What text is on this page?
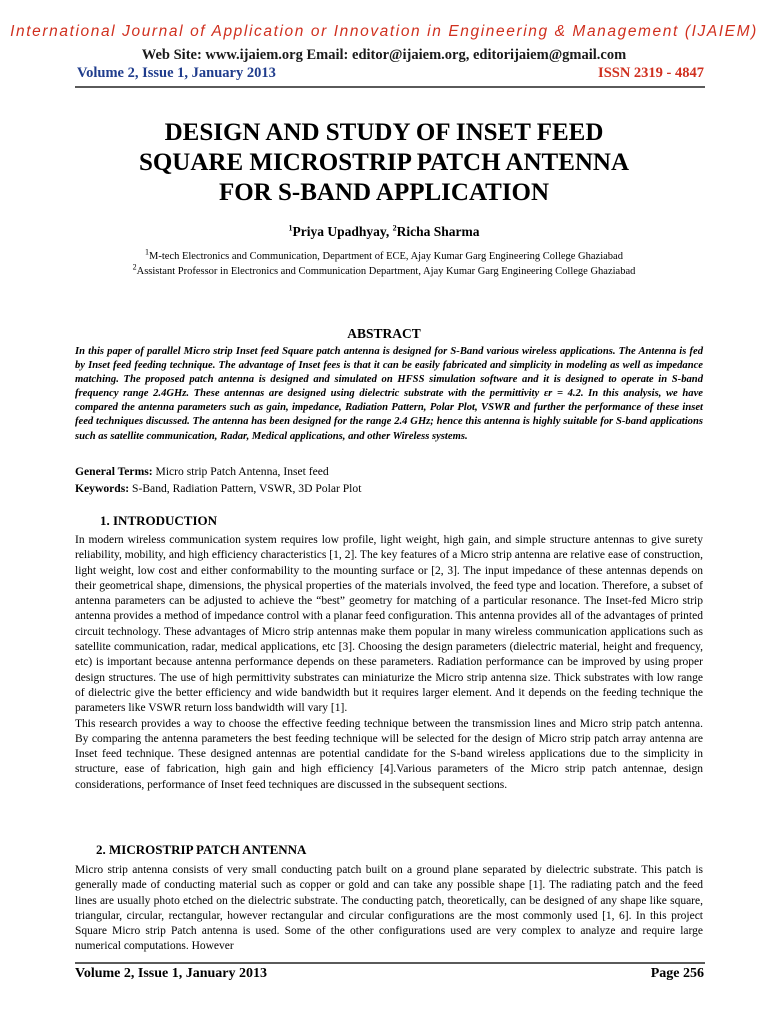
International Journal of Application or Innovation in Engineering & Management (IJAIEM)
Web Site: www.ijaiem.org Email: editor@ijaiem.org, editorijaiem@gmail.com
Volume 2, Issue 1, January 2013	ISSN 2319 - 4847
DESIGN AND STUDY OF INSET FEED
SQUARE MICROSTRIP PATCH ANTENNA
FOR S-BAND APPLICATION
$^1$Priya Upadhyay, $^2$Richa Sharma
$^1$M-tech Electronics and Communication, Department of ECE, Ajay Kumar Garg Engineering College Ghaziabad
$^2$Assistant Professor in Electronics and Communication Department, Ajay Kumar Garg Engineering College Ghaziabad
ABSTRACT
In this paper of parallel Micro strip Inset feed Square patch antenna is designed for S-Band various wireless applications. The Antenna is fed by Inset feed feeding technique. The advantage of Inset fees is that it can be easily fabricated and simplicity in modeling as well as impedance matching. The proposed patch antenna is designed and simulated on HFSS simulation software and it is designed to operate in S-band frequency range 2.4GHz. These antennas are designed using dielectric substrate with the permittivity εr = 4.2. In this analysis, we have compared the antenna parameters such as gain, impedance, Radiation Pattern, Polar Plot, VSWR and further the performance of these inset feed techniques discussed. The antenna has been designed for the range 2.4 GHz; hence this antenna is highly suitable for S-band applications such as satellite communication, Radar, Medical applications, and other Wireless systems.
General Terms: Micro strip Patch Antenna, Inset feed
Keywords: S-Band, Radiation Pattern, VSWR, 3D Polar Plot
1. INTRODUCTION

In modern wireless communication system requires low profile, light weight, high gain, and simple structure antennas to give surety reliability, mobility, and high efficiency characteristics [1, 2]. The key features of a Micro strip antenna are relative ease of construction, light weight, low cost and either conformability to the mounting surface or [2, 3]. The input impedance of these antennas depends on their geometrical shape, dimensions, the physical properties of the materials involved, the feed type and location. Therefore, a subset of antenna parameters can be adjusted to achieve the “best” geometry for matching of a particular resonance. The Inset-fed Micro strip antenna provides a method of impedance control with a planar feed configuration. This antenna provides all of the advantages of printed circuit technology. These advantages of Micro strip antennas make them popular in many wireless communication applications such as satellite communication, radar, medical applications, etc [3]. Choosing the design parameters (dielectric material, height and frequency, etc) is important because antenna performance depends on these parameters. Radiation performance can be improved by using proper design structures. The use of high permittivity substrates can miniaturize the Micro strip antenna size. Thick substrates with low range of dielectric give the better efficiency and wide bandwidth but it requires larger element. And it depends on the feeding technique the parameters like VSWR return loss bandwidth will vary [1].

This research provides a way to choose the effective feeding technique between the transmission lines and Micro strip patch antenna. By comparing the antenna parameters the best feeding technique will be selected for the design of Micro strip patch array antenna are Inset feed technique. These designed antennas are potential candidate for the S-band wireless applications due to the simplicity in structure, ease of fabrication, high gain and high efficiency [4].Various parameters of the Micro strip patch antennae, design considerations, performance of Inset feed techniques are discussed in the subsequent sections.

2. MICROSTRIP PATCH ANTENNA

Micro strip antenna consists of very small conducting patch built on a ground plane separated by dielectric substrate. This patch is generally made of conducting material such as copper or gold and can take any possible shape [1]. The radiating patch and the feed lines are usually photo etched on the dielectric substrate. The conducting patch, theoretically, can be designed of any shape like square, triangular, circular, rectangular, however rectangular and circular configurations are the most commonly used [1, 6]. In this project Square Micro strip Patch antenna is used. Some of the other configurations used are very complex to analyze and require large numerical computations. However

Volume 2, Issue 1, January 2013	Page 256
